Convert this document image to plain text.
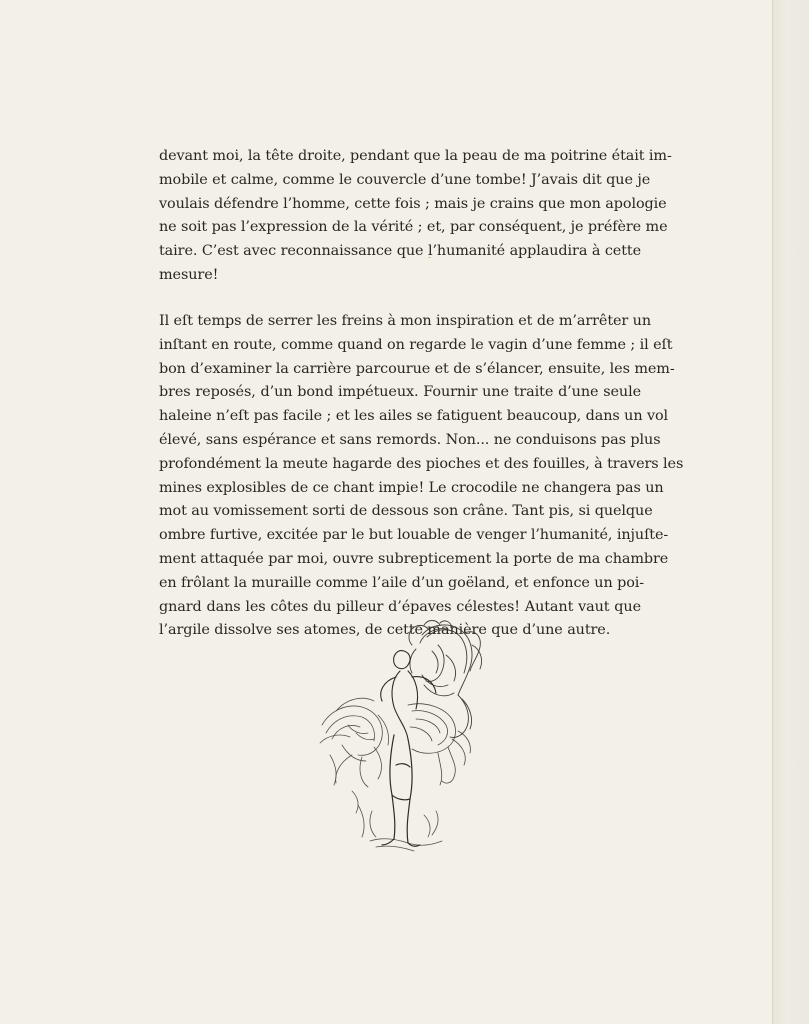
devant moi, la tête droite, pendant que la peau de ma poitrine était im-
mobile et calme, comme le couvercle d’une tombe! J’avais dit que je
voulais défendre l’homme, cette fois ; mais je crains que mon apologie
ne soit pas l’expression de la vérité ; et, par conséquent, je préfère me
taire. C’est avec reconnaissance que l’humanité applaudira à cette
mesure!
Il eſt temps de serrer les freins à mon inspiration et de m’arrêter un
inſtant en route, comme quand on regarde le vagin d’une femme ; il eſt
bon d’examiner la carrière parcourue et de s’élancer, ensuite, les mem-
bres reposés, d’un bond impétueux. Fournir une traite d’une seule
haleine n’eſt pas facile ; et les ailes se fatiguent beaucoup, dans un vol
élevé, sans espérance et sans remords. Non... ne conduisons pas plus
profondément la meute hagarde des pioches et des fouilles, à travers les
mines explosibles de ce chant impie! Le crocodile ne changera pas un
mot au vomissement sorti de dessous son crâne. Tant pis, si quelque
ombre furtive, excitée par le but louable de venger l’humanité, injuſte-
ment attaquée par moi, ouvre subrepticement la porte de ma chambre
en frôlant la muraille comme l’aile d’un goëland, et enfonce un poi-
gnard dans les côtes du pilleur d’épaves célestes! Autant vaut que
l’argile dissolve ses atomes, de cette manière que d’une autre.
